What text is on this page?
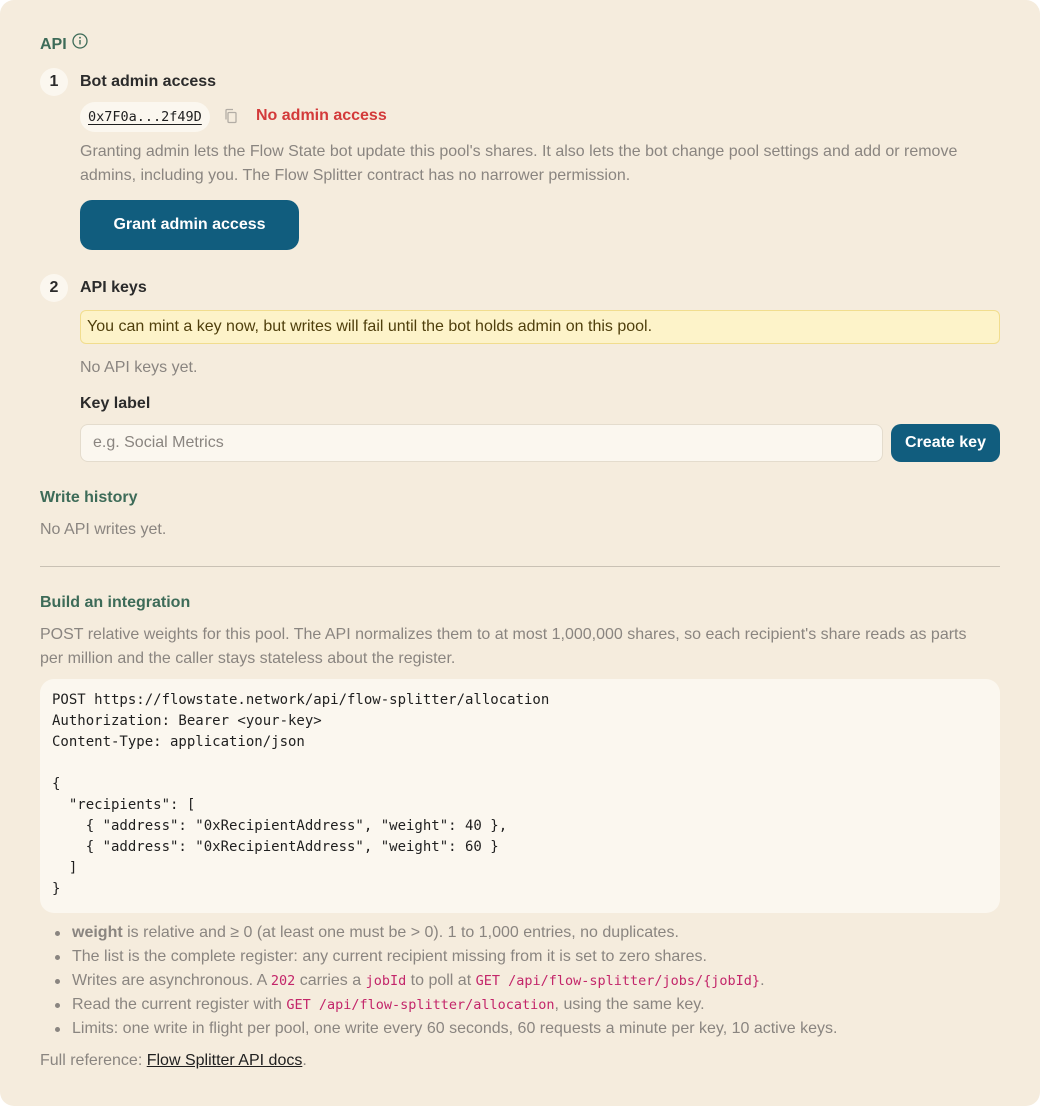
API
1	Bot admin access
0x7F0a...2f49D	No admin access
Granting admin lets the Flow State bot update this pool's shares. It also lets the bot change pool settings and add or remove
admins, including you. The Flow Splitter contract has no narrower permission.
Grant admin access
2	API keys
You can mint a key now, but writes will fail until the bot holds admin on this pool.
No API keys yet.
Key label
e.g. Social Metrics
Create key
Write history
No API writes yet.
Build an integration
POST relative weights for this pool. The API normalizes them to at most 1,000,000 shares, so each recipient's share reads as parts
per million and the caller stays stateless about the register.
POST https://flowstate.network/api/flow-splitter/allocation
Authorization: Bearer <your-key>
Content-Type: application/json

{
"recipients": [
{ "address": "0xRecipientAddress", "weight": 40 },
{ "address": "0xRecipientAddress", "weight": 60 }
]
}
weight is relative and ≥ 0 (at least one must be > 0). 1 to 1,000 entries, no duplicates.
The list is the complete register: any current recipient missing from it is set to zero shares.
Writes are asynchronous. A 202 carries a jobId to poll at GET /api/flow-splitter/jobs/{jobId}.
Read the current register with GET /api/flow-splitter/allocation, using the same key.
Limits: one write in flight per pool, one write every 60 seconds, 60 requests a minute per key, 10 active keys.
Full reference: Flow Splitter API docs.
